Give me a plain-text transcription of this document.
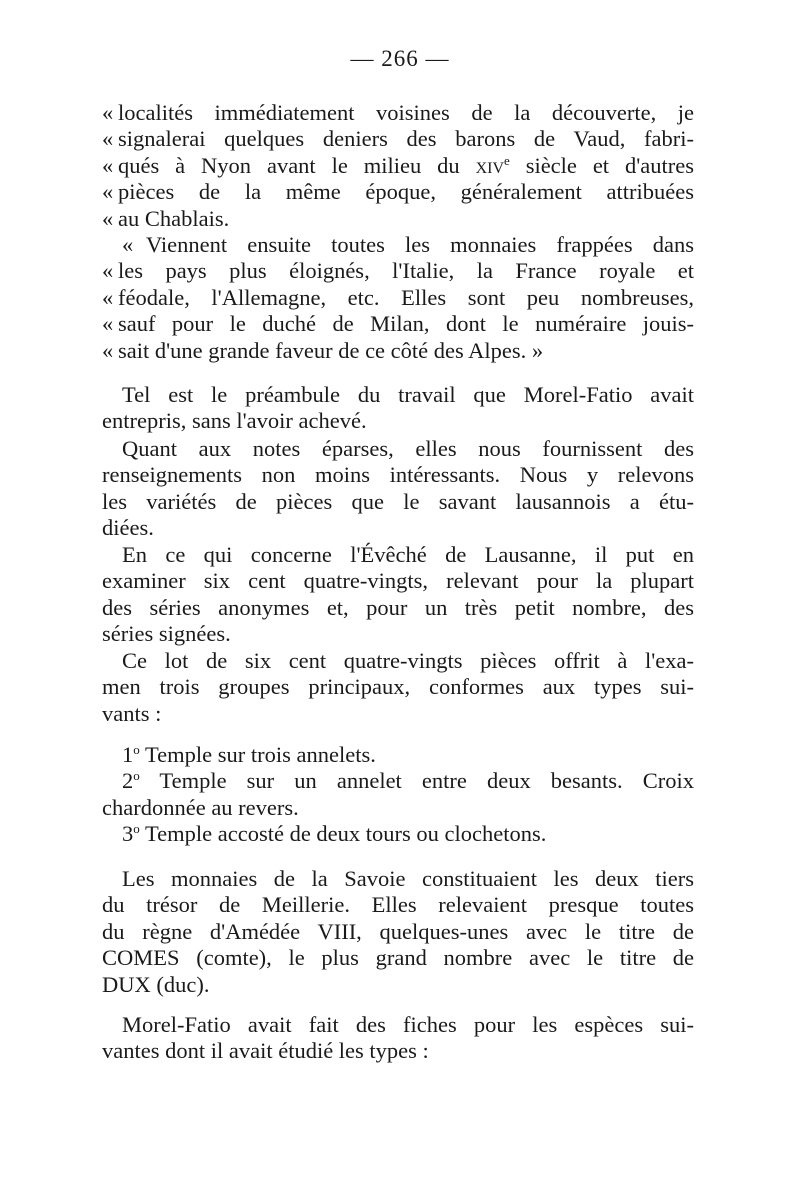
— 266 —
« localités immédiatement voisines de la découverte, je
« signalerai quelques deniers des barons de Vaud, fabri-
« qués à Nyon avant le milieu du xiv$^e$ siècle et d'autres
« pièces de la même époque, généralement attribuées
« au Chablais.
« Viennent ensuite toutes les monnaies frappées dans
« les pays plus éloignés, l'Italie, la France royale et
« féodale, l'Allemagne, etc. Elles sont peu nombreuses,
« sauf pour le duché de Milan, dont le numéraire jouis-
« sait d'une grande faveur de ce côté des Alpes. »
Tel est le préambule du travail que Morel-Fatio avait
entrepris, sans l'avoir achevé.
Quant aux notes éparses, elles nous fournissent des
renseignements non moins intéressants. Nous y relevons
les variétés de pièces que le savant lausannois a étu-
diées.
En ce qui concerne l'Évêché de Lausanne, il put en
examiner six cent quatre-vingts, relevant pour la plupart
des séries anonymes et, pour un très petit nombre, des
séries signées.
Ce lot de six cent quatre-vingts pièces offrit à l'exa-
men trois groupes principaux, conformes aux types sui-
vants :
1$^o$ Temple sur trois annelets.
2$^o$ Temple sur un annelet entre deux besants. Croix
chardonnée au revers.
3$^o$ Temple accosté de deux tours ou clochetons.
Les monnaies de la Savoie constituaient les deux tiers
du trésor de Meillerie. Elles relevaient presque toutes
du règne d'Amédée VIII, quelques-unes avec le titre de
COMES (comte), le plus grand nombre avec le titre de
DUX (duc).
Morel-Fatio avait fait des fiches pour les espèces sui-
vantes dont il avait étudié les types :
